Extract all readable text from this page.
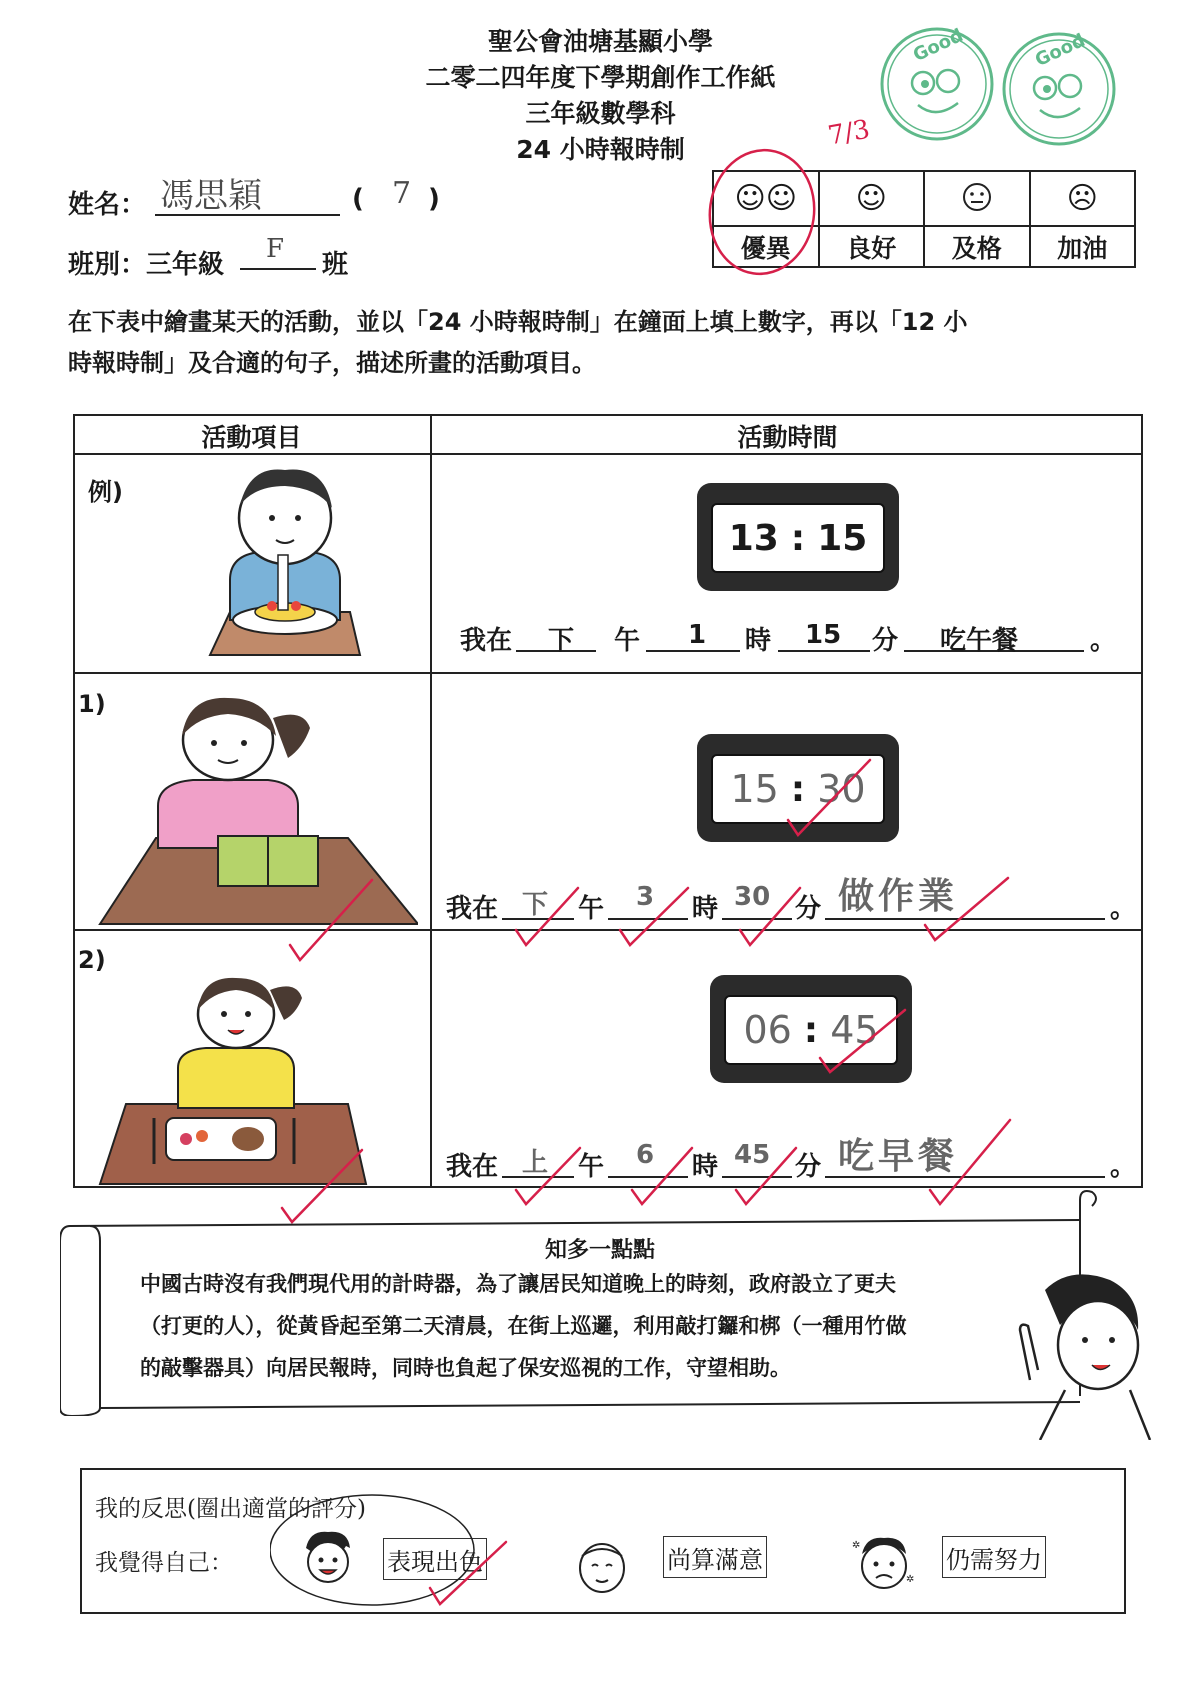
聖公會油塘基顯小學
二零二四年度下學期創作工作紙
三年級數學科
24 小時報時制
Good	Good
7/3
姓名： 馮思穎	( 7 )
班別：三年級
F
班
☺☺	☺		☹
優異	良好	及格	加油
在下表中繪畫某天的活動，並以「24 小時報時制」在鐘面上填上數字，再以「12 小
時報時制」及合適的句子，描述所畫的活動項目。
活動項目	活動時間
例)
13 : 15
我在 下 午 1 時 15 分 吃午餐	。
1)
15 : 30
我在 下 午 3 時 30 分 做作業	。
2)
06 : 45
我在 上 午 6 時 45 分 吃早餐	。
知多一點點
中國古時沒有我們現代用的計時器，為了讓居民知道晚上的時刻，政府設立了更夫
（打更的人），從黃昏起至第二天清晨，在街上巡邏，利用敲打鑼和梆（一種用竹做
的敲擊器具）向居民報時，同時也負起了保安巡視的工作，守望相助。
我的反思(圈出適當的評分)
我覺得自己：	表現出色	尚算滿意	✲
✲
仍需努力
